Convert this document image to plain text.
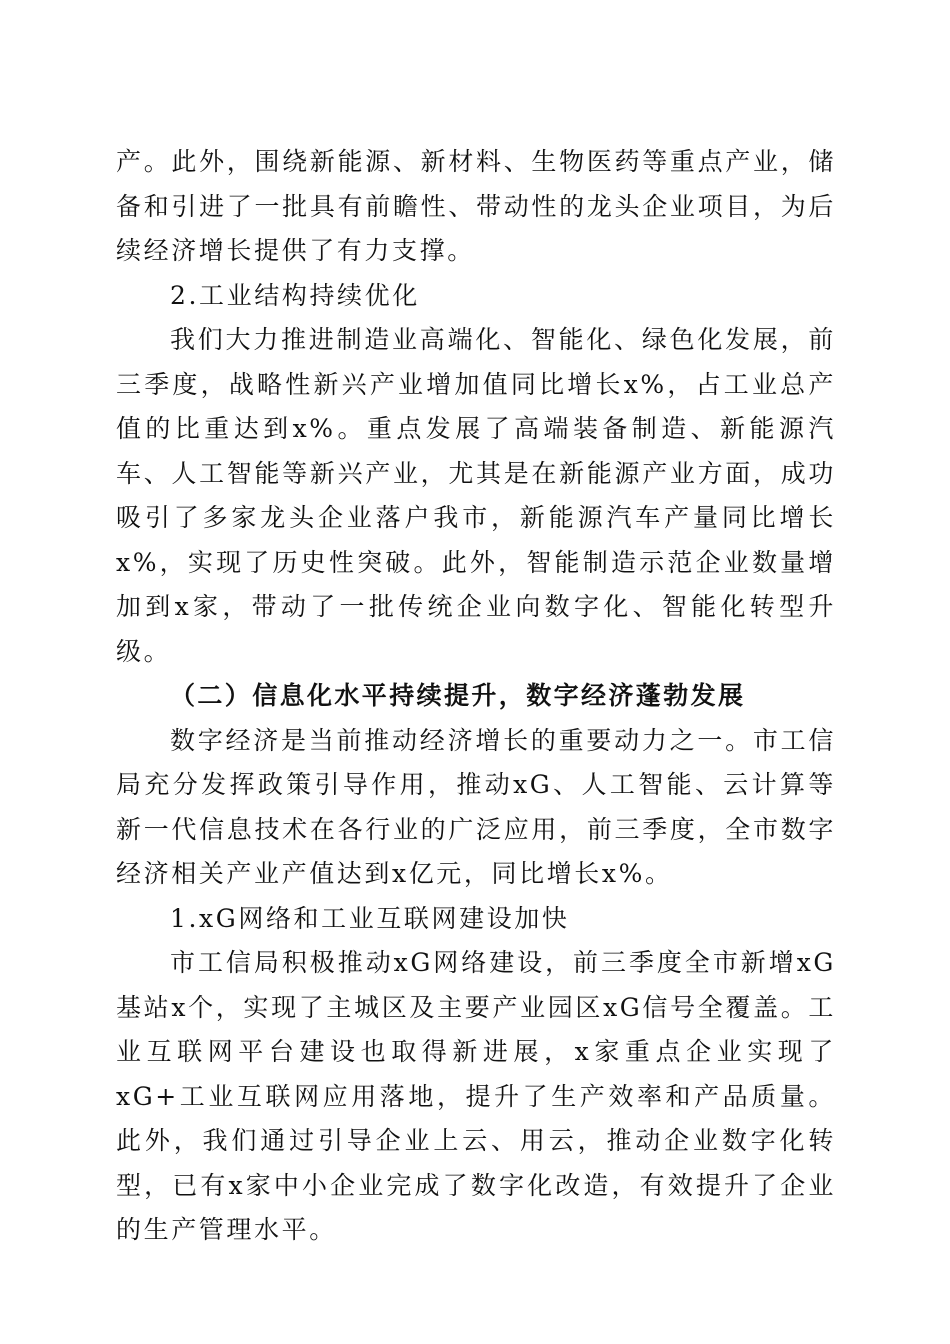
产。此外，围绕新能源、新材料、生物医药等重点产业，储备和引进了一批具有前瞻性、带动性的龙头企业项目，为后续经济增长提供了有力支撑。

2.工业结构持续优化

我们大力推进制造业高端化、智能化、绿色化发展，前三季度，战略性新兴产业增加值同比增长x%，占工业总产值的比重达到x%。重点发展了高端装备制造、新能源汽车、人工智能等新兴产业，尤其是在新能源产业方面，成功吸引了多家龙头企业落户我市，新能源汽车产量同比增长x%，实现了历史性突破。此外，智能制造示范企业数量增加到x家，带动了一批传统企业向数字化、智能化转型升级。

（二）信息化水平持续提升，数字经济蓬勃发展

数字经济是当前推动经济增长的重要动力之一。市工信局充分发挥政策引导作用，推动xG、人工智能、云计算等新一代信息技术在各行业的广泛应用，前三季度，全市数字经济相关产业产值达到x亿元，同比增长x%。

1.xG网络和工业互联网建设加快

市工信局积极推动xG网络建设，前三季度全市新增xG基站x个，实现了主城区及主要产业园区xG信号全覆盖。工业互联网平台建设也取得新进展，x家重点企业实现了xG+工业互联网应用落地，提升了生产效率和产品质量。此外，我们通过引导企业上云、用云，推动企业数字化转型，已有x家中小企业完成了数字化改造，有效提升了企业的生产管理水平。
